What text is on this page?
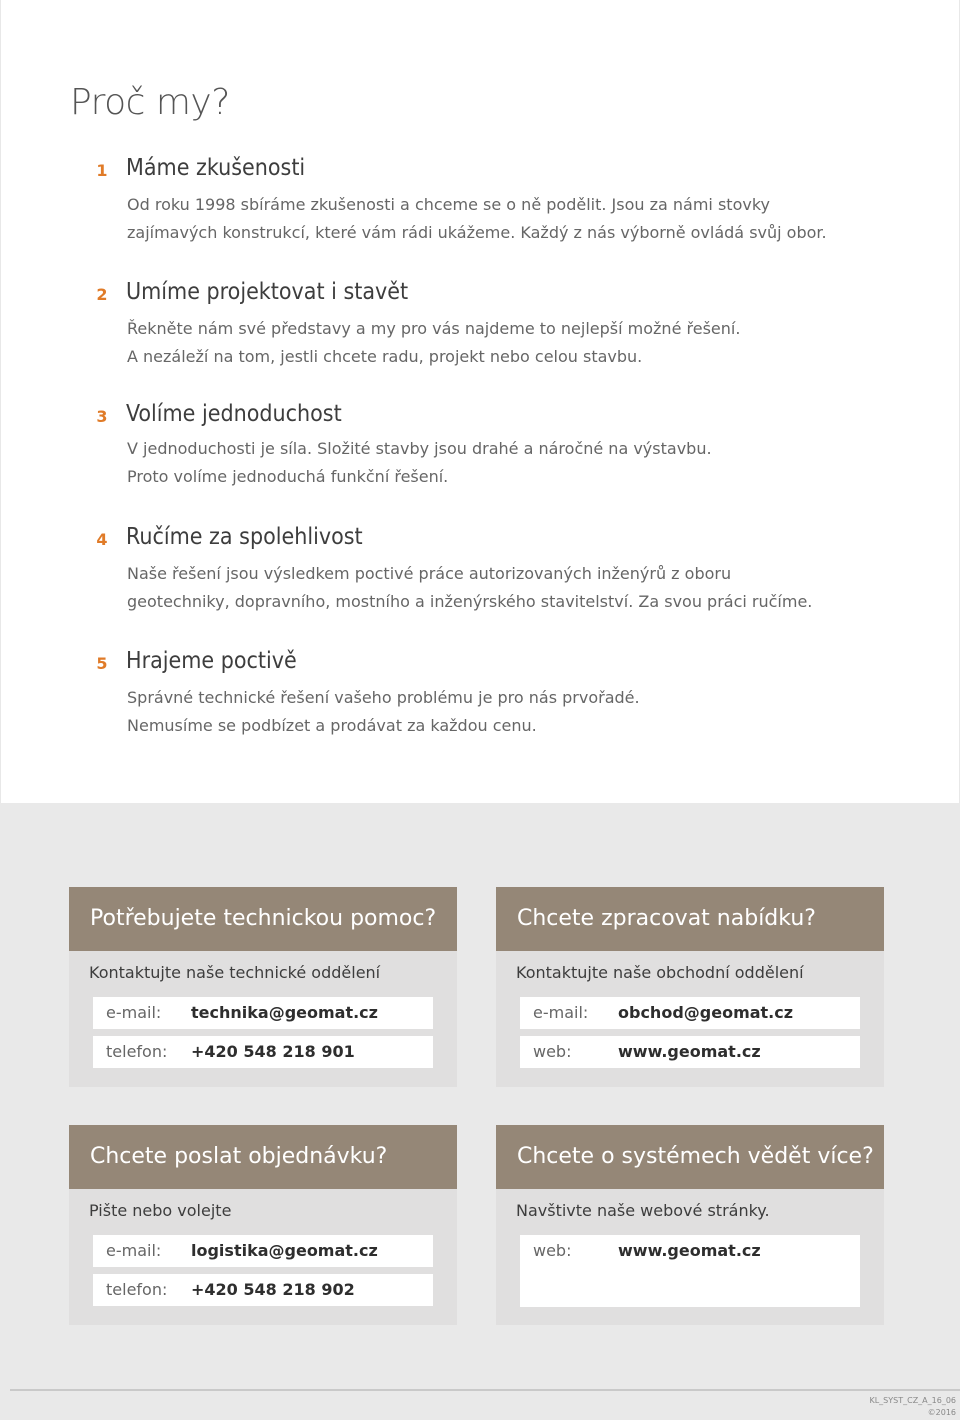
Proč my?
1 Máme zkušenosti

Od roku 1998 sbíráme zkušenosti a chceme se o ně podělit. Jsou za námi stovky zajímavých konstrukcí, které vám rádi ukážeme. Každý z nás výborně ovládá svůj obor.

2 Umíme projektovat i stavět

Řekněte nám své představy a my pro vás najdeme to nejlepší možné řešení. A nezáleží na tom, jestli chcete radu, projekt nebo celou stavbu.

3 Volíme jednoduchost

V jednoduchosti je síla. Složité stavby jsou drahé a náročné na výstavbu. Proto volíme jednoduchá funkční řešení.

4 Ručíme za spolehlivost

Naše řešení jsou výsledkem poctivé práce autorizovaných inženýrů z oboru geotechniky, dopravního, mostního a inženýrského stavitelství. Za svou práci ručíme.

5 Hrajeme poctivě

Správné technické řešení vašeho problému je pro nás prvořadé. Nemusíme se podbízet a prodávat za každou cenu.

Potřebujete technickou pomoc?
Kontaktujte naše technické oddělení
e-mail: technika@geomat.cz
telefon: +420 548 218 901
Chcete zpracovat nabídku?
Kontaktujte naše obchodní oddělení
e-mail: obchod@geomat.cz
web:	www.geomat.cz
Chcete poslat objednávku?
Pište nebo volejte
e-mail: logistika@geomat.cz
telefon: +420 548 218 902
Chcete o systémech vědět více?
Navštivte naše webové stránky.
web:	www.geomat.cz
KL_SYST_CZ_A_16_06
©2016
